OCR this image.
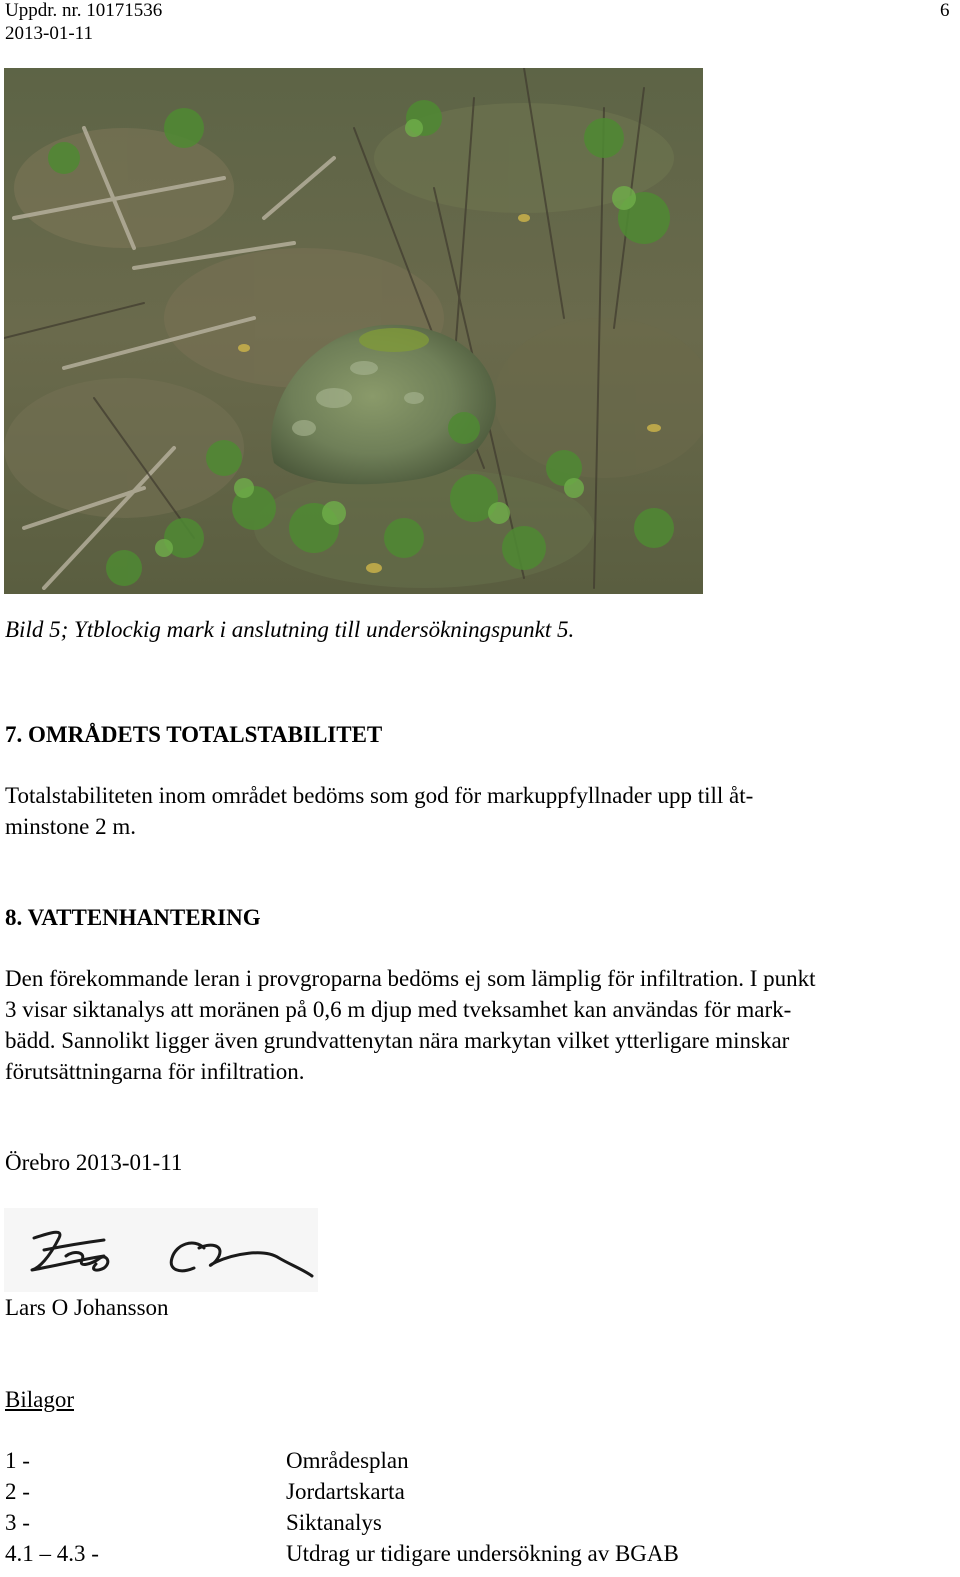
Uppdr. nr. 10171536
2013-01-11
6
Bild 5; Ytblockig mark i anslutning till undersökningspunkt 5.
7. OMRÅDETS TOTALSTABILITET
Totalstabiliteten inom området bedöms som god för markuppfyllnader upp till åt-
minstone 2 m.
8. VATTENHANTERING
Den förekommande leran i provgroparna bedöms ej som lämplig för infiltration. I punkt
3 visar siktanalys att moränen på 0,6 m djup med tveksamhet kan användas för mark-
bädd. Sannolikt ligger även grundvattenytan nära markytan vilket ytterligare minskar
förutsättningarna för infiltration.
Örebro 2013-01-11
Lars O Johansson
Bilagor
1 -	Områdesplan
2 -	Jordartskarta
3 -	Siktanalys
4.1 – 4.3 -	Utdrag ur tidigare undersökning av BGAB
